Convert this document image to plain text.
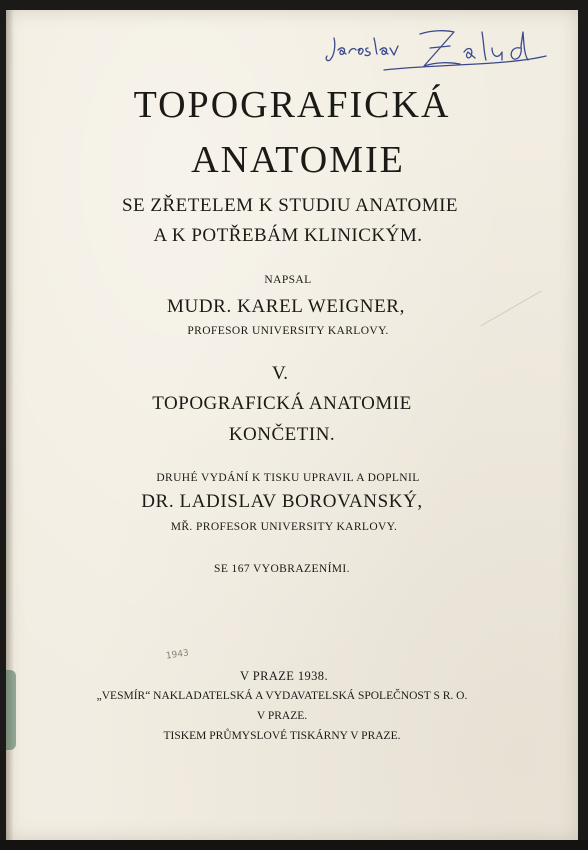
TOPOGRAFICKÁ
ANATOMIE
SE ZŘETELEM K STUDIU ANATOMIE
A K POTŘEBÁM KLINICKÝM.
NAPSAL
MUDR. KAREL WEIGNER,
PROFESOR UNIVERSITY KARLOVY.
V.
TOPOGRAFICKÁ ANATOMIE
KONČETIN.
DRUHÉ VYDÁNÍ K TISKU UPRAVIL A DOPLNIL
DR. LADISLAV BOROVANSKÝ,
MŘ. PROFESOR UNIVERSITY KARLOVY.
SE 167 VYOBRAZENÍMI.
1943
V PRAZE 1938.
„VESMÍR“ NAKLADATELSKÁ A VYDAVATELSKÁ SPOLEČNOST S R. O.
V PRAZE.
TISKEM PRŮMYSLOVÉ TISKÁRNY V PRAZE.
